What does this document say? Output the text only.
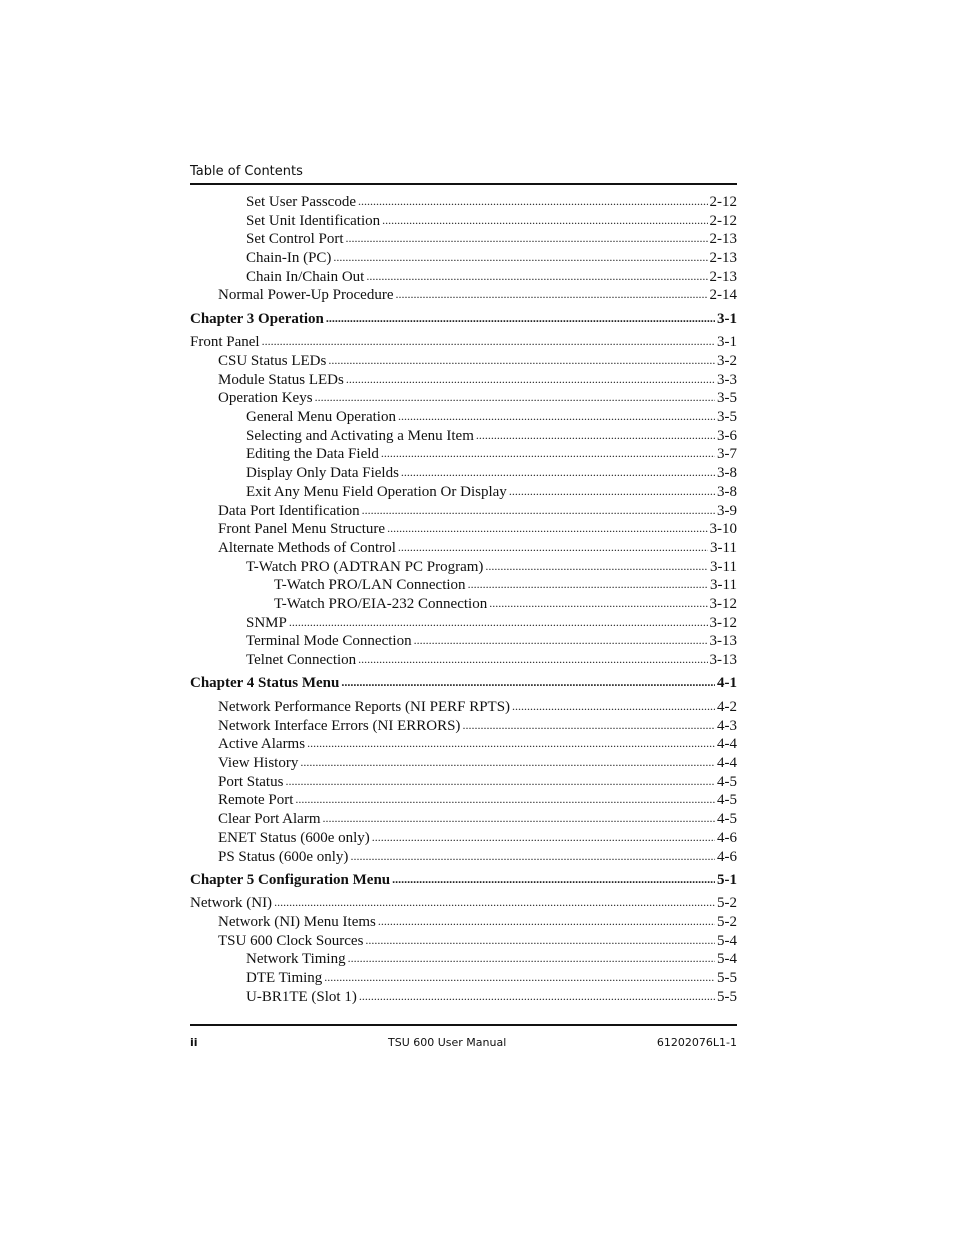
Table of Contents
Set User Passcode .....	2-12
Set Unit Identification .....	2-12
Set Control Port .....	2-13
Chain-In (PC) .....	2-13
Chain In/Chain Out .....	2-13
Normal Power-Up Procedure .....	2-14
Chapter 3 Operation .....	3-1
Front Panel .....	3-1
CSU Status LEDs .....	3-2
Module Status LEDs .....	3-3
Operation Keys .....	3-5
General Menu Operation .....	3-5
Selecting and Activating a Menu Item .....	3-6
Editing the Data Field .....	3-7
Display Only Data Fields .....	3-8
Exit Any Menu Field Operation Or Display .....	3-8
Data Port Identification .....	3-9
Front Panel Menu Structure .....	3-10
Alternate Methods of Control .....	3-11
T-Watch PRO (ADTRAN PC Program) .....	3-11
T-Watch PRO/LAN Connection .....	3-11
T-Watch PRO/EIA-232 Connection .....	3-12
SNMP .....	3-12
Terminal Mode Connection .....	3-13
Telnet Connection .....	3-13
Chapter 4 Status Menu .....	4-1
Network Performance Reports (NI PERF RPTS) .....	4-2
Network Interface Errors (NI ERRORS) .....	4-3
Active Alarms .....	4-4
View History .....	4-4
Port Status .....	4-5
Remote Port .....	4-5
Clear Port Alarm .....	4-5
ENET Status (600e only) .....	4-6
PS Status (600e only) .....	4-6
Chapter 5 Configuration Menu .....	5-1
Network (NI) .....	5-2
Network (NI) Menu Items .....	5-2
TSU 600 Clock Sources .....	5-4
Network Timing .....	5-4
DTE Timing .....	5-5
U-BR1TE (Slot 1) .....	5-5
ii	TSU 600 User Manual	61202076L1-1
